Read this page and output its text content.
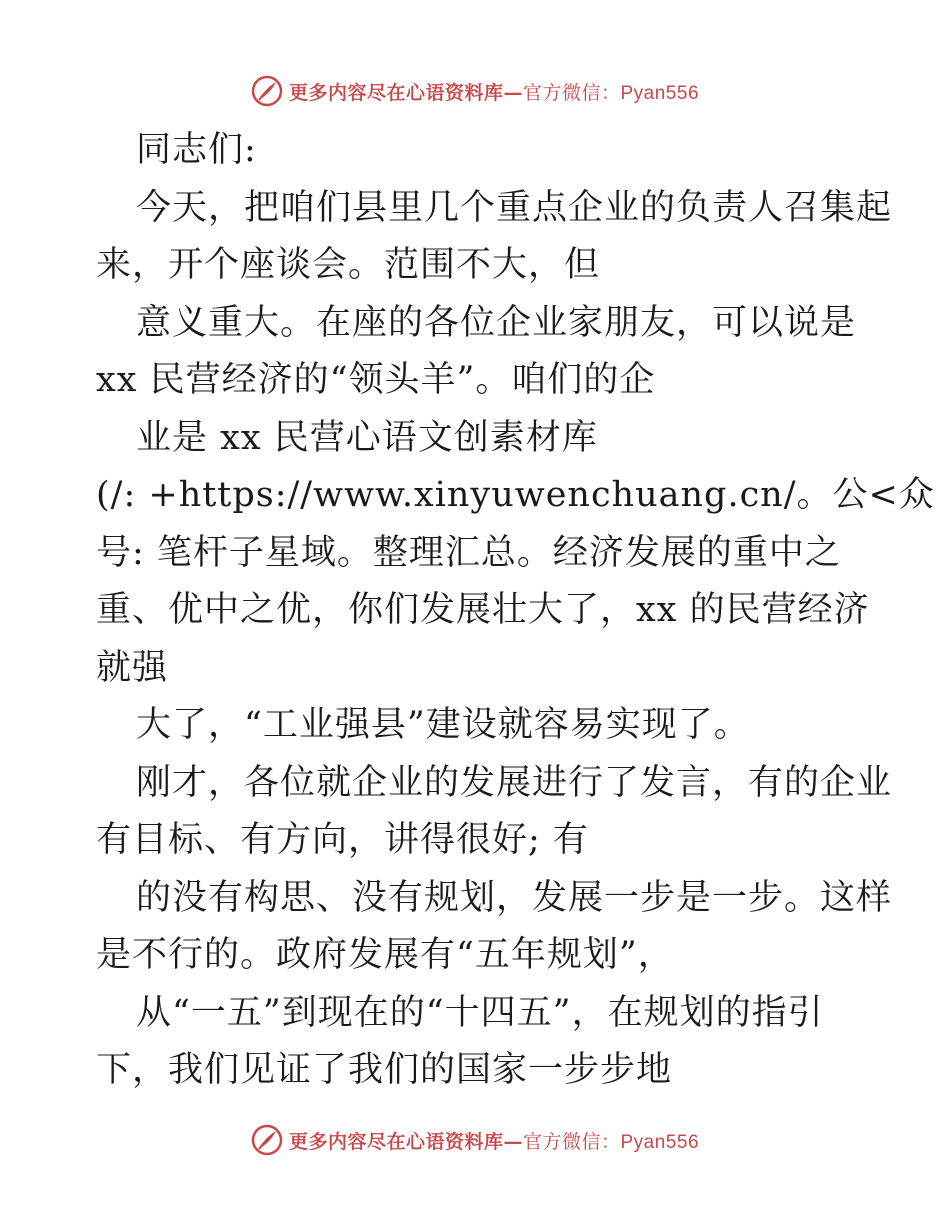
更多内容尽在心语资料库—官方微信：Pyan556
同志们:
今天，把咱们县里几个重点企业的负责人召集起
来，开个座谈会。范围不大，但
意义重大。在座的各位企业家朋友，可以说是
xx 民营经济的“领头羊”。咱们的企
业是 xx 民营心语文创素材库
(/: +https://www.xinyuwenchuang.cn/。公<众
号: 笔杆子星域。整理汇总。经济发展的重中之
重、优中之优，你们发展壮大了，xx 的民营经济
就强
大了，“工业强县”建设就容易实现了。
刚才，各位就企业的发展进行了发言，有的企业
有目标、有方向，讲得很好; 有
的没有构思、没有规划，发展一步是一步。这样
是不行的。政府发展有“五年规划”，
从“一五”到现在的“十四五”，在规划的指引
下，我们见证了我们的国家一步步地
更多内容尽在心语资料库—官方微信：Pyan556
